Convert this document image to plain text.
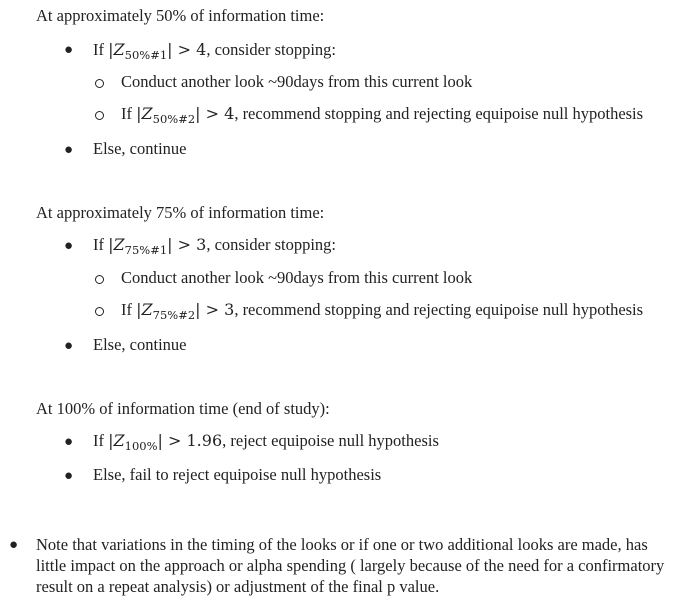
At approximately 50% of information time:
● If $|Z_{50\%\#1}| > 4$, consider stopping:
Conduct another look ~90days from this current look
If $|Z_{50\%\#2}| > 4$, recommend stopping and rejecting equipoise null hypothesis
● Else, continue
At approximately 75% of information time:
● If $|Z_{75\%\#1}| > 3$, consider stopping:
Conduct another look ~90days from this current look
If $|Z_{75\%\#2}| > 3$, recommend stopping and rejecting equipoise null hypothesis
● Else, continue
At 100% of information time (end of study):
● If $|Z_{100\%}| > 1.96$, reject equipoise null hypothesis
● Else, fail to reject equipoise null hypothesis
● Note that variations in the timing of the looks or if one or two additional looks are made, has little impact on the approach or alpha spending ( largely because of the need for a confirmatory result on a repeat analysis) or adjustment of the final p value.
